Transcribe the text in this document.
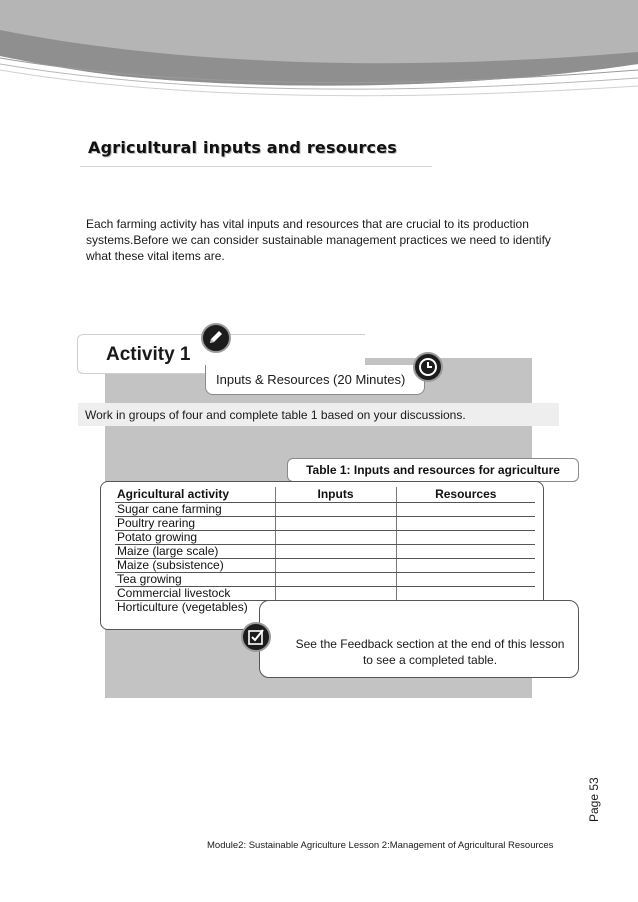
Agricultural inputs and resources

Each farming activity has vital inputs and resources that are crucial to its production systems.Before we can consider sustainable management practices we need to identify what these vital items are.

Activity 1
Inputs & Resources (20 Minutes)
Work in groups of four and complete table 1 based on your discussions.
Table 1: Inputs and resources for agriculture
Agricultural activity	Inputs	Resources
Sugar cane farming		
Poultry rearing		
Potato growing		
Maize (large scale)		
Maize (subsistence)		
Tea growing		
Commercial livestock		
Horticulture (vegetables)		
See the Feedback section at the end of this lesson
to see a completed table.
Page 53
Module2: Sustainable Agriculture Lesson 2:Management of Agricultural Resources
